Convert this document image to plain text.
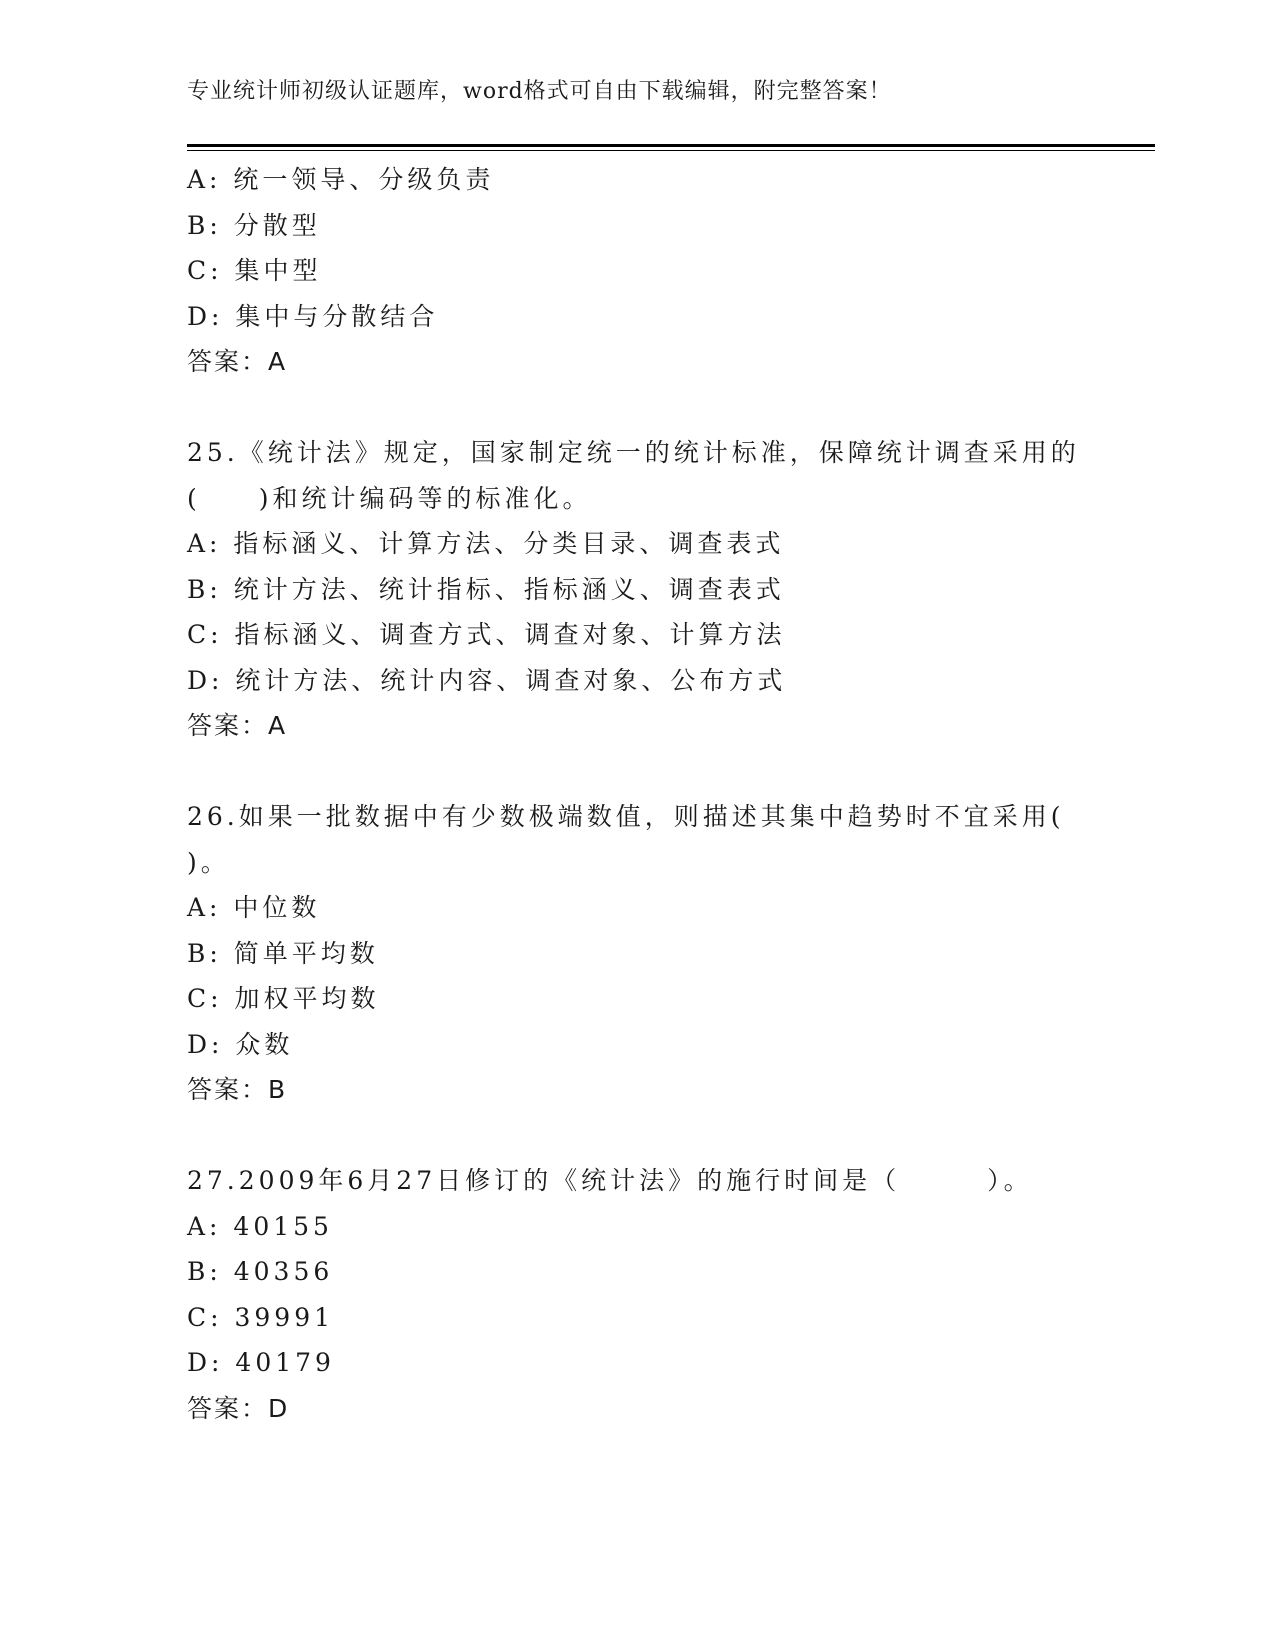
专业统计师初级认证题库，word格式可自由下载编辑，附完整答案！
A: 统一领导、分级负责
B: 分散型
C: 集中型
D: 集中与分散结合
答案：A
25.《统计法》规定，国家制定统一的统计标准，保障统计调查采用的
(　　)和统计编码等的标准化。
A: 指标涵义、计算方法、分类目录、调查表式
B: 统计方法、统计指标、指标涵义、调查表式
C: 指标涵义、调查方式、调查对象、计算方法
D: 统计方法、统计内容、调查对象、公布方式
答案：A
26.如果一批数据中有少数极端数值，则描述其集中趋势时不宜采用(
)。
A: 中位数
B: 简单平均数
C: 加权平均数
D: 众数
答案：B
27.2009年6月27日修订的《统计法》的施行时间是（　　　）。
A: 40155
B: 40356
C: 39991
D: 40179
答案：D
